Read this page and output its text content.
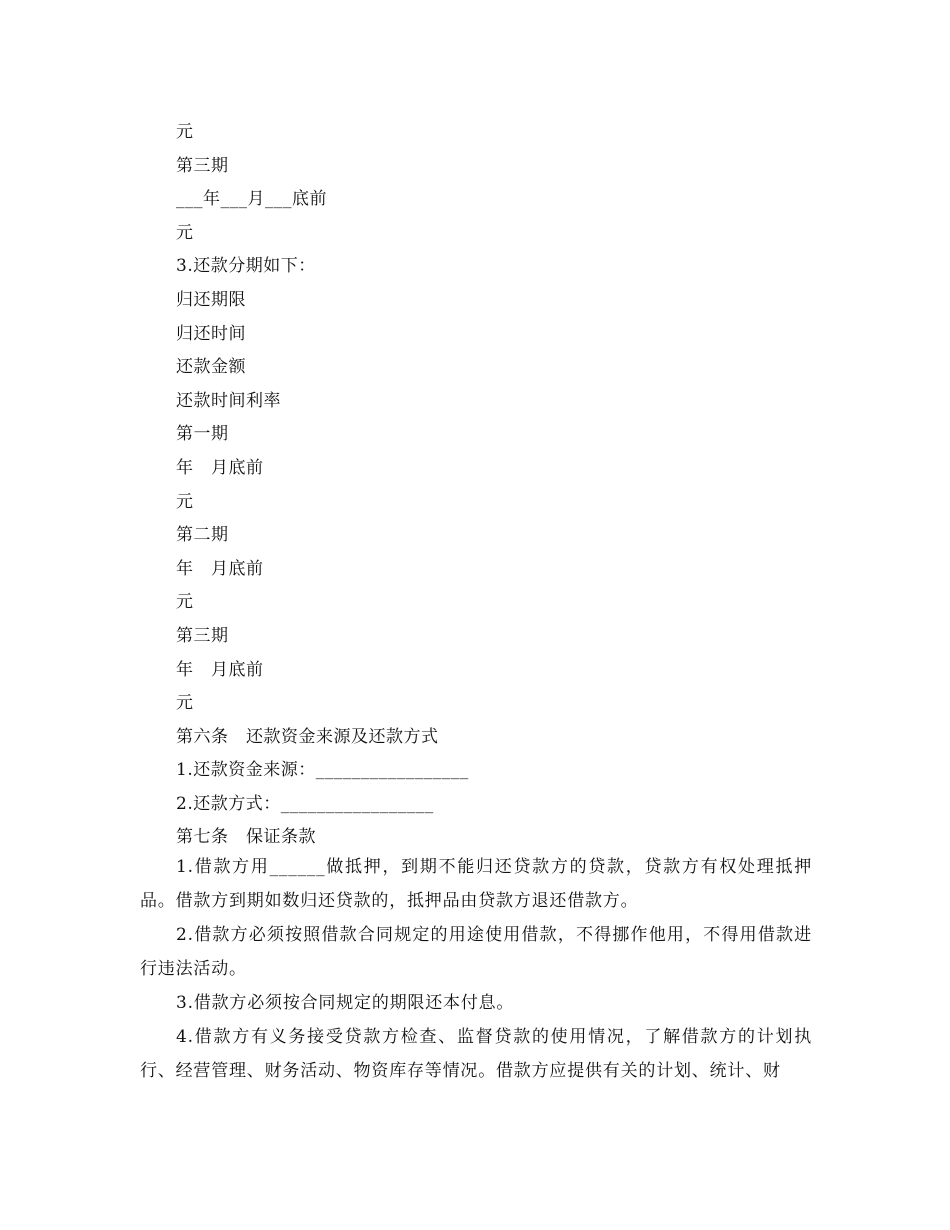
元
第三期
___年___月___底前
元
3.还款分期如下：
归还期限
归还时间
还款金额
还款时间利率
第一期
年　月底前
元
第二期
年　月底前
元
第三期
年　月底前
元
第六条　还款资金来源及还款方式
1.还款资金来源：_________________
2.还款方式：_________________
第七条　保证条款

1.借款方用______做抵押，到期不能归还贷款方的贷款，贷款方有权处理抵押品。借款方到期如数归还贷款的，抵押品由贷款方退还借款方。

2.借款方必须按照借款合同规定的用途使用借款，不得挪作他用，不得用借款进行违法活动。

3.借款方必须按合同规定的期限还本付息。

4.借款方有义务接受贷款方检查、监督贷款的使用情况，了解借款方的计划执行、经营管理、财务活动、物资库存等情况。借款方应提供有关的计划、统计、财
